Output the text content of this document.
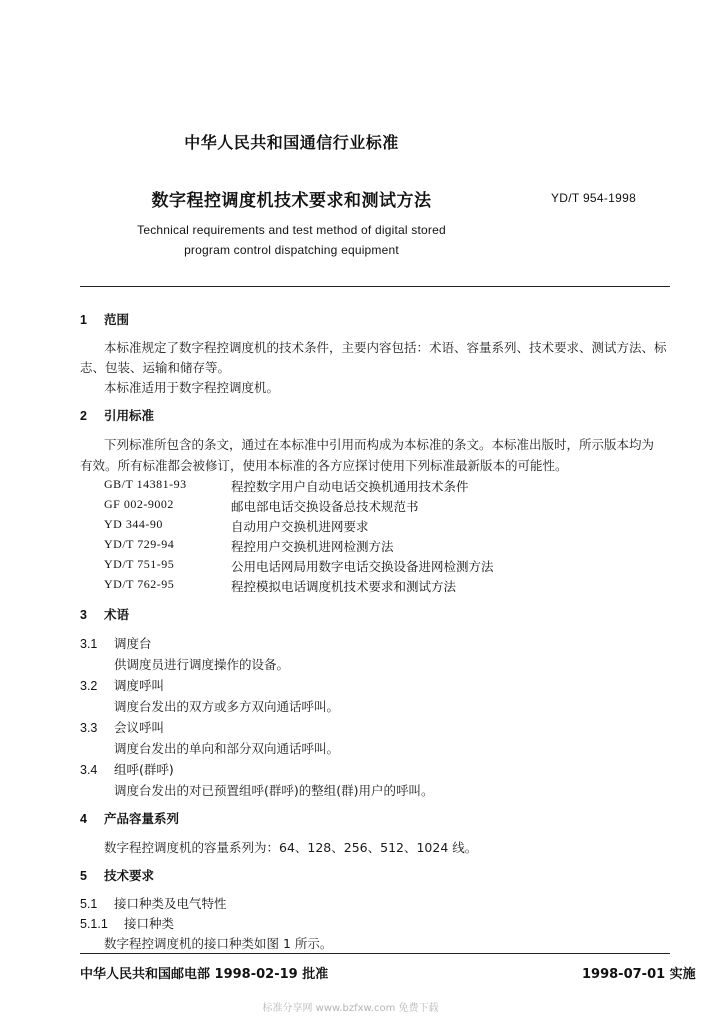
中华人民共和国通信行业标准
数字程控调度机技术要求和测试方法	YD/T 954-1998
Technical requirements and test method of digital stored
program control dispatching equipment
1 范围
本标准规定了数字程控调度机的技术条件，主要内容包括：术语、容量系列、技术要求、测试方法、标
志、包装、运输和储存等。
本标准适用于数字程控调度机。
2 引用标准
下列标准所包含的条文，通过在本标准中引用而构成为本标准的条文。本标准出版时，所示版本均为
有效。所有标准都会被修订，使用本标准的各方应探讨使用下列标准最新版本的可能性。
GB/T 14381-93	程控数字用户自动电话交换机通用技术条件
GF 002-9002	邮电部电话交换设备总技术规范书
YD 344-90	自动用户交换机进网要求
YD/T 729-94	程控用户交换机进网检测方法
YD/T 751-95	公用电话网局用数字电话交换设备进网检测方法
YD/T 762-95	程控模拟电话调度机技术要求和测试方法
3 术语
3.1 调度台
供调度员进行调度操作的设备。
3.2 调度呼叫
调度台发出的双方或多方双向通话呼叫。
3.3 会议呼叫
调度台发出的单向和部分双向通话呼叫。
3.4 组呼(群呼)
调度台发出的对已预置组呼(群呼)的整组(群)用户的呼叫。
4 产品容量系列
数字程控调度机的容量系列为：64、128、256、512、1024 线。
5 技术要求
5.1 接口种类及电气特性
5.1.1 接口种类
数字程控调度机的接口种类如图 1 所示。
中华人民共和国邮电部 1998-02-19 批准	1998-07-01 实施
标准分享网 www.bzfxw.com 免费下载
